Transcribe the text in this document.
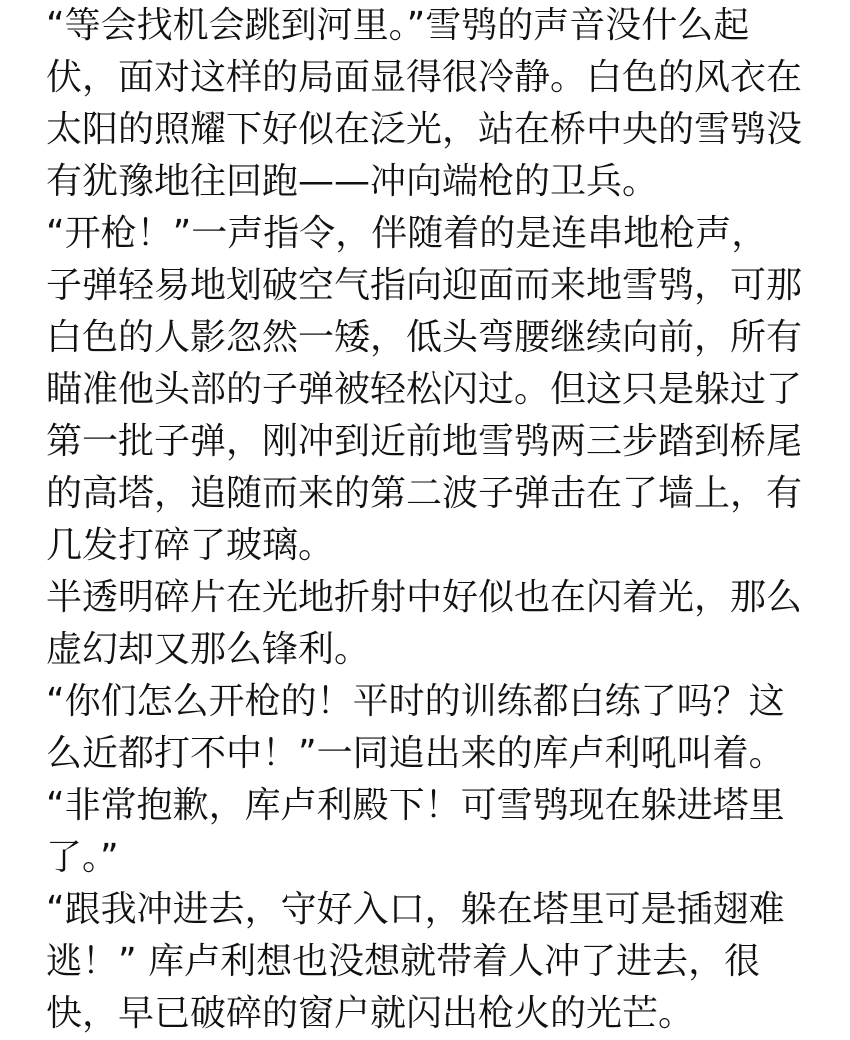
“等会找机会跳到河里。”雪鸮的声音没什么起
伏，面对这样的局面显得很冷静。白色的风衣在
太阳的照耀下好似在泛光，站在桥中央的雪鸮没
有犹豫地往回跑——冲向端枪的卫兵。
“开枪！”一声指令，伴随着的是连串地枪声，
子弹轻易地划破空气指向迎面而来地雪鸮，可那
白色的人影忽然一矮，低头弯腰继续向前，所有
瞄准他头部的子弹被轻松闪过。但这只是躲过了
第一批子弹，刚冲到近前地雪鸮两三步踏到桥尾
的高塔，追随而来的第二波子弹击在了墙上，有
几发打碎了玻璃。
半透明碎片在光地折射中好似也在闪着光，那么
虚幻却又那么锋利。
“你们怎么开枪的！平时的训练都白练了吗？这
么近都打不中！”一同追出来的库卢利吼叫着。
“非常抱歉，库卢利殿下！可雪鸮现在躲进塔里
了。”
“跟我冲进去，守好入口，躲在塔里可是插翅难
逃！” 库卢利想也没想就带着人冲了进去，很
快，早已破碎的窗户就闪出枪火的光芒。
